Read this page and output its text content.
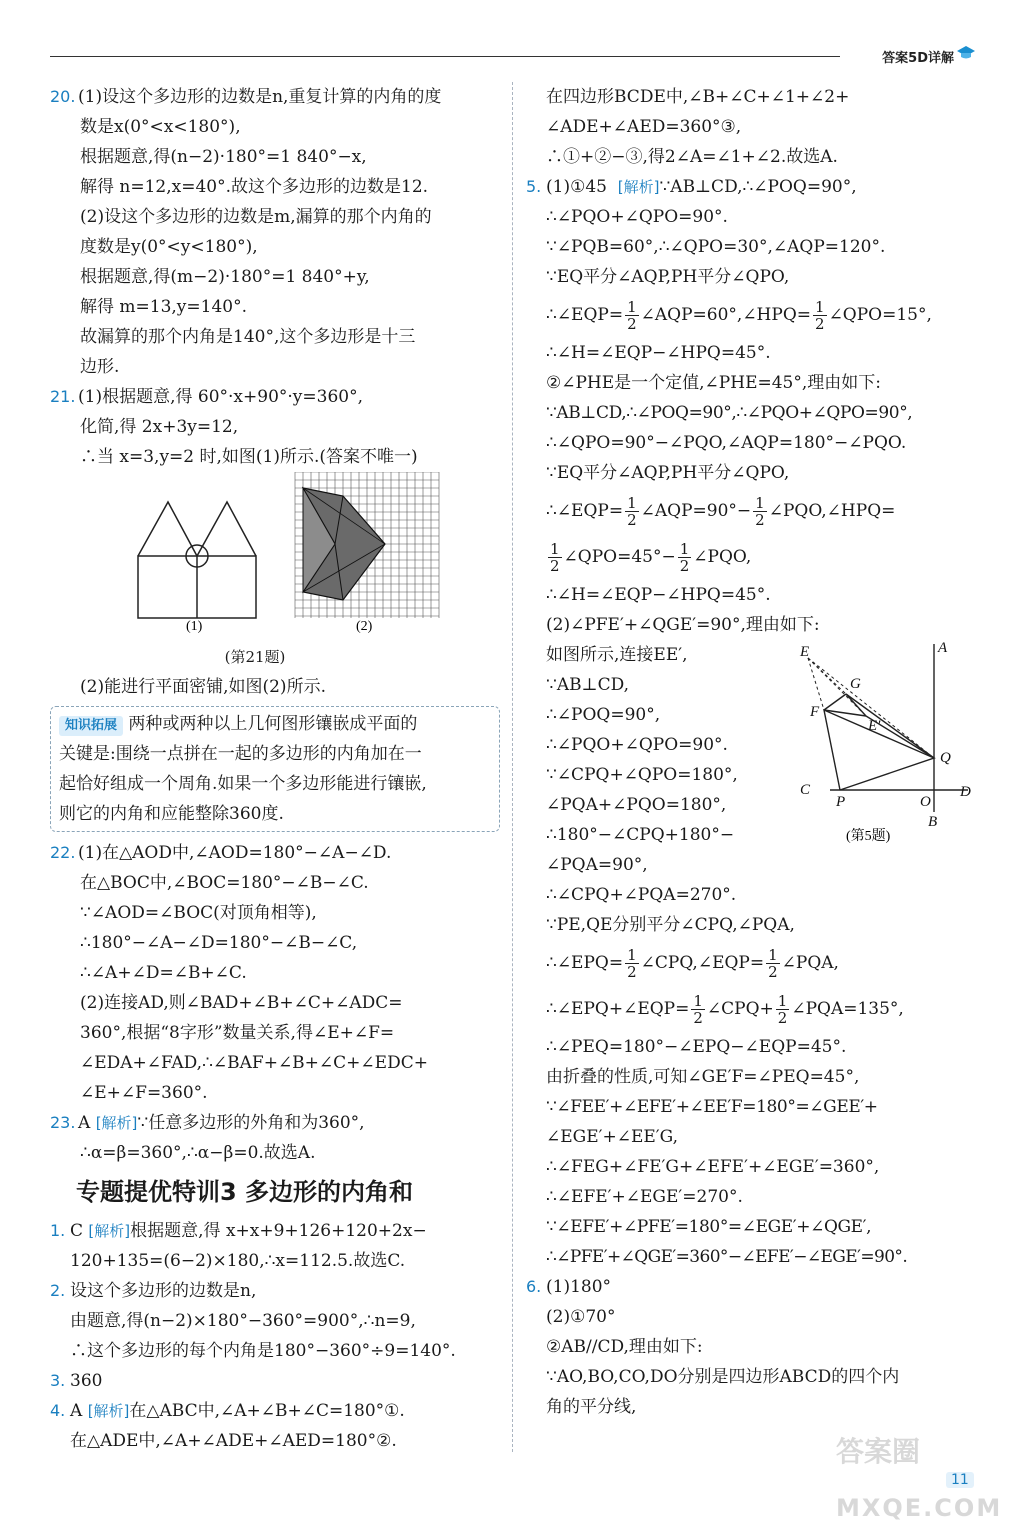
答案5D详解
20. (1)设这个多边形的边数是n,重复计算的内角的度
数是x(0°<x<180°),
根据题意,得(n−2)·180°=1 840°−x,
解得 n=12,x=40°.故这个多边形的边数是12.
(2)设这个多边形的边数是m,漏算的那个内角的
度数是y(0°<y<180°),
根据题意,得(m−2)·180°=1 840°+y,
解得 m=13,y=140°.
故漏算的那个内角是140°,这个多边形是十三
边形.
21. (1)根据题意,得 60°·x+90°·y=360°,
化简,得 2x+3y=12,
∴当 x=3,y=2 时,如图(1)所示.(答案不唯一)
(1)	(2)
(第21题)
(2)能进行平面密铺,如图(2)所示.
知识拓展 两种或两种以上几何图形镶嵌成平面的
关键是:围绕一点拼在一起的多边形的内角加在一
起恰好组成一个周角.如果一个多边形能进行镶嵌,
则它的内角和应能整除360度.
22. (1)在△AOD中,∠AOD=180°−∠A−∠D.
在△BOC中,∠BOC=180°−∠B−∠C.
∵∠AOD=∠BOC(对顶角相等),
∴180°−∠A−∠D=180°−∠B−∠C,
∴∠A+∠D=∠B+∠C.
(2)连接AD,则∠BAD+∠B+∠C+∠ADC=
360°,根据“8字形”数量关系,得∠E+∠F=
∠EDA+∠FAD,∴∠BAF+∠B+∠C+∠EDC+
∠E+∠F=360°.
23. A [解析]∵任意多边形的外角和为360°,
∴α=β=360°,∴α−β=0.故选A.
专题提优特训3 多边形的内角和
1. C [解析]根据题意,得 x+x+9+126+120+2x−
120+135=(6−2)×180,∴x=112.5.故选C.
2. 设这个多边形的边数是n,
由题意,得(n−2)×180°−360°=900°,∴n=9,
∴这个多边形的每个内角是180°−360°÷9=140°.
3. 360
4. A [解析]在△ABC中,∠A+∠B+∠C=180°①.
在△ADE中,∠A+∠ADE+∠AED=180°②.
在四边形BCDE中,∠B+∠C+∠1+∠2+
∠ADE+∠AED=360°③,
∴①+②−③,得2∠A=∠1+∠2.故选A.
5. (1)①45 [解析]∵AB⊥CD,∴∠POQ=90°,
∴∠PQO+∠QPO=90°.
∵∠PQB=60°,∴∠QPO=30°,∠AQP=120°.
∵EQ平分∠AQP,PH平分∠QPO,
∴∠EQP= $\frac{1}{2}$ ∠AQP=60°,∠HPQ= $\frac{1}{2}$ ∠QPO=15°,
∴∠H=∠EQP−∠HPQ=45°.
②∠PHE是一个定值,∠PHE=45°,理由如下:
∵AB⊥CD,∴∠POQ=90°,∴∠PQO+∠QPO=90°,
∴∠QPO=90°−∠PQO,∠AQP=180°−∠PQO.
∵EQ平分∠AQP,PH平分∠QPO,
∴∠EQP= $\frac{1}{2}$ ∠AQP=90°− $\frac{1}{2}$ ∠PQO,∠HPQ=
$\frac{1}{2}$ ∠QPO=45°− $\frac{1}{2}$ ∠PQO,
∴∠H=∠EQP−∠HPQ=45°.
(2)∠PFE′+∠QGE′=90°,理由如下:
如图所示,连接EE′,
∵AB⊥CD,
∴∠POQ=90°,
∴∠PQO+∠QPO=90°.
∵∠CPQ+∠QPO=180°,
∠PQA+∠PQO=180°,
∴180°−∠CPQ+180°−
∠PQA=90°,
A
E
G
F
E′
Q
C
P	O
D
B
(第5题)
∴∠CPQ+∠PQA=270°.
∵PE,QE分别平分∠CPQ,∠PQA,
∴∠EPQ= $\frac{1}{2}$ ∠CPQ,∠EQP= $\frac{1}{2}$ ∠PQA,
∴∠EPQ+∠EQP= $\frac{1}{2}$ ∠CPQ+ $\frac{1}{2}$ ∠PQA=135°,
∴∠PEQ=180°−∠EPQ−∠EQP=45°.
由折叠的性质,可知∠GE′F=∠PEQ=45°,
∵∠FEE′+∠EFE′+∠EE′F=180°=∠GEE′+
∠EGE′+∠EE′G,
∴∠FEG+∠FE′G+∠EFE′+∠EGE′=360°,
∴∠EFE′+∠EGE′=270°.
∵∠EFE′+∠PFE′=180°=∠EGE′+∠QGE′,
∴∠PFE′+∠QGE′=360°−∠EFE′−∠EGE′=90°.
6. (1)180°
(2)①70°
②AB//CD,理由如下:
∵AO,BO,CO,DO分别是四边形ABCD的四个内
角的平分线,
答案圈
MXQE.COM
11
